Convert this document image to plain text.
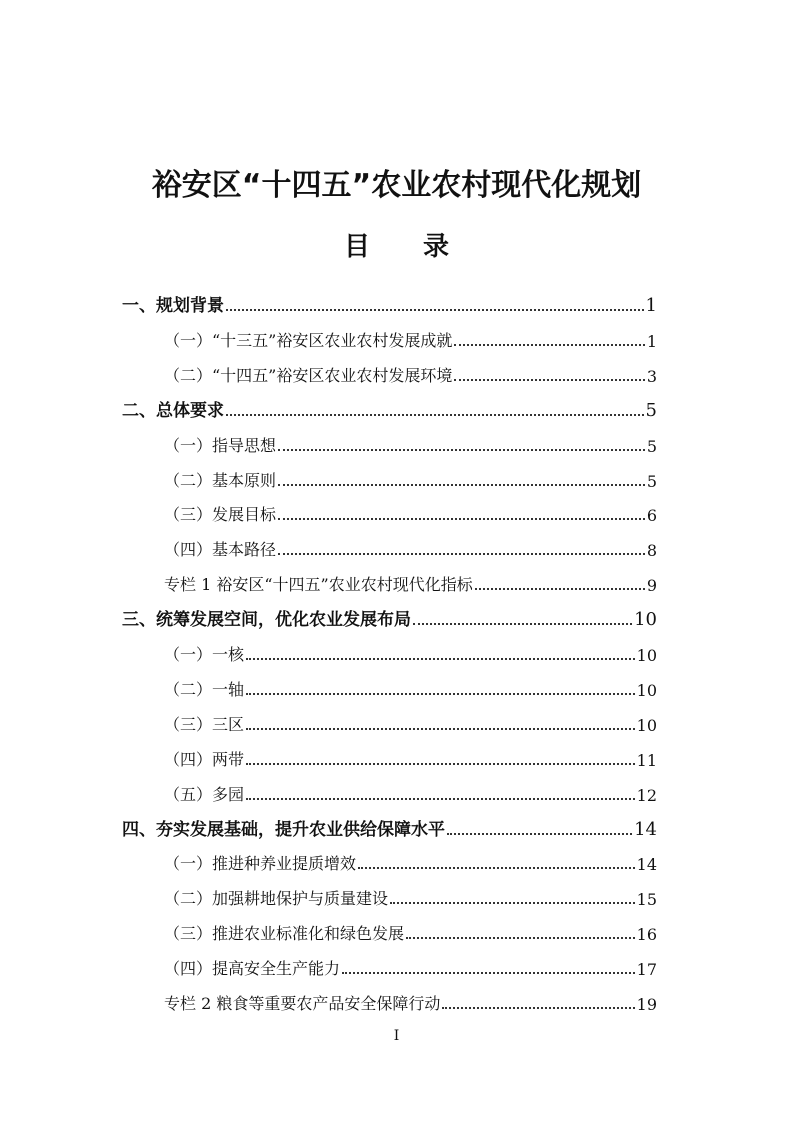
裕安区“十四五”农业农村现代化规划
目 录
一、规划背景	1
（一）“十三五”裕安区农业农村发展成就	1
（二）“十四五”裕安区农业农村发展环境	3
二、总体要求	5
（一）指导思想	5
（二）基本原则	5
（三）发展目标	6
（四）基本路径	8
专栏 1 裕安区“十四五”农业农村现代化指标	9
三、统筹发展空间，优化农业发展布局	10
（一）一核	10
（二）一轴	10
（三）三区	10
（四）两带	11
（五）多园	12
四、夯实发展基础，提升农业供给保障水平	14
（一）推进种养业提质增效	14
（二）加强耕地保护与质量建设	15
（三）推进农业标准化和绿色发展	16
（四）提高安全生产能力	17
专栏 2 粮食等重要农产品安全保障行动	19
I
